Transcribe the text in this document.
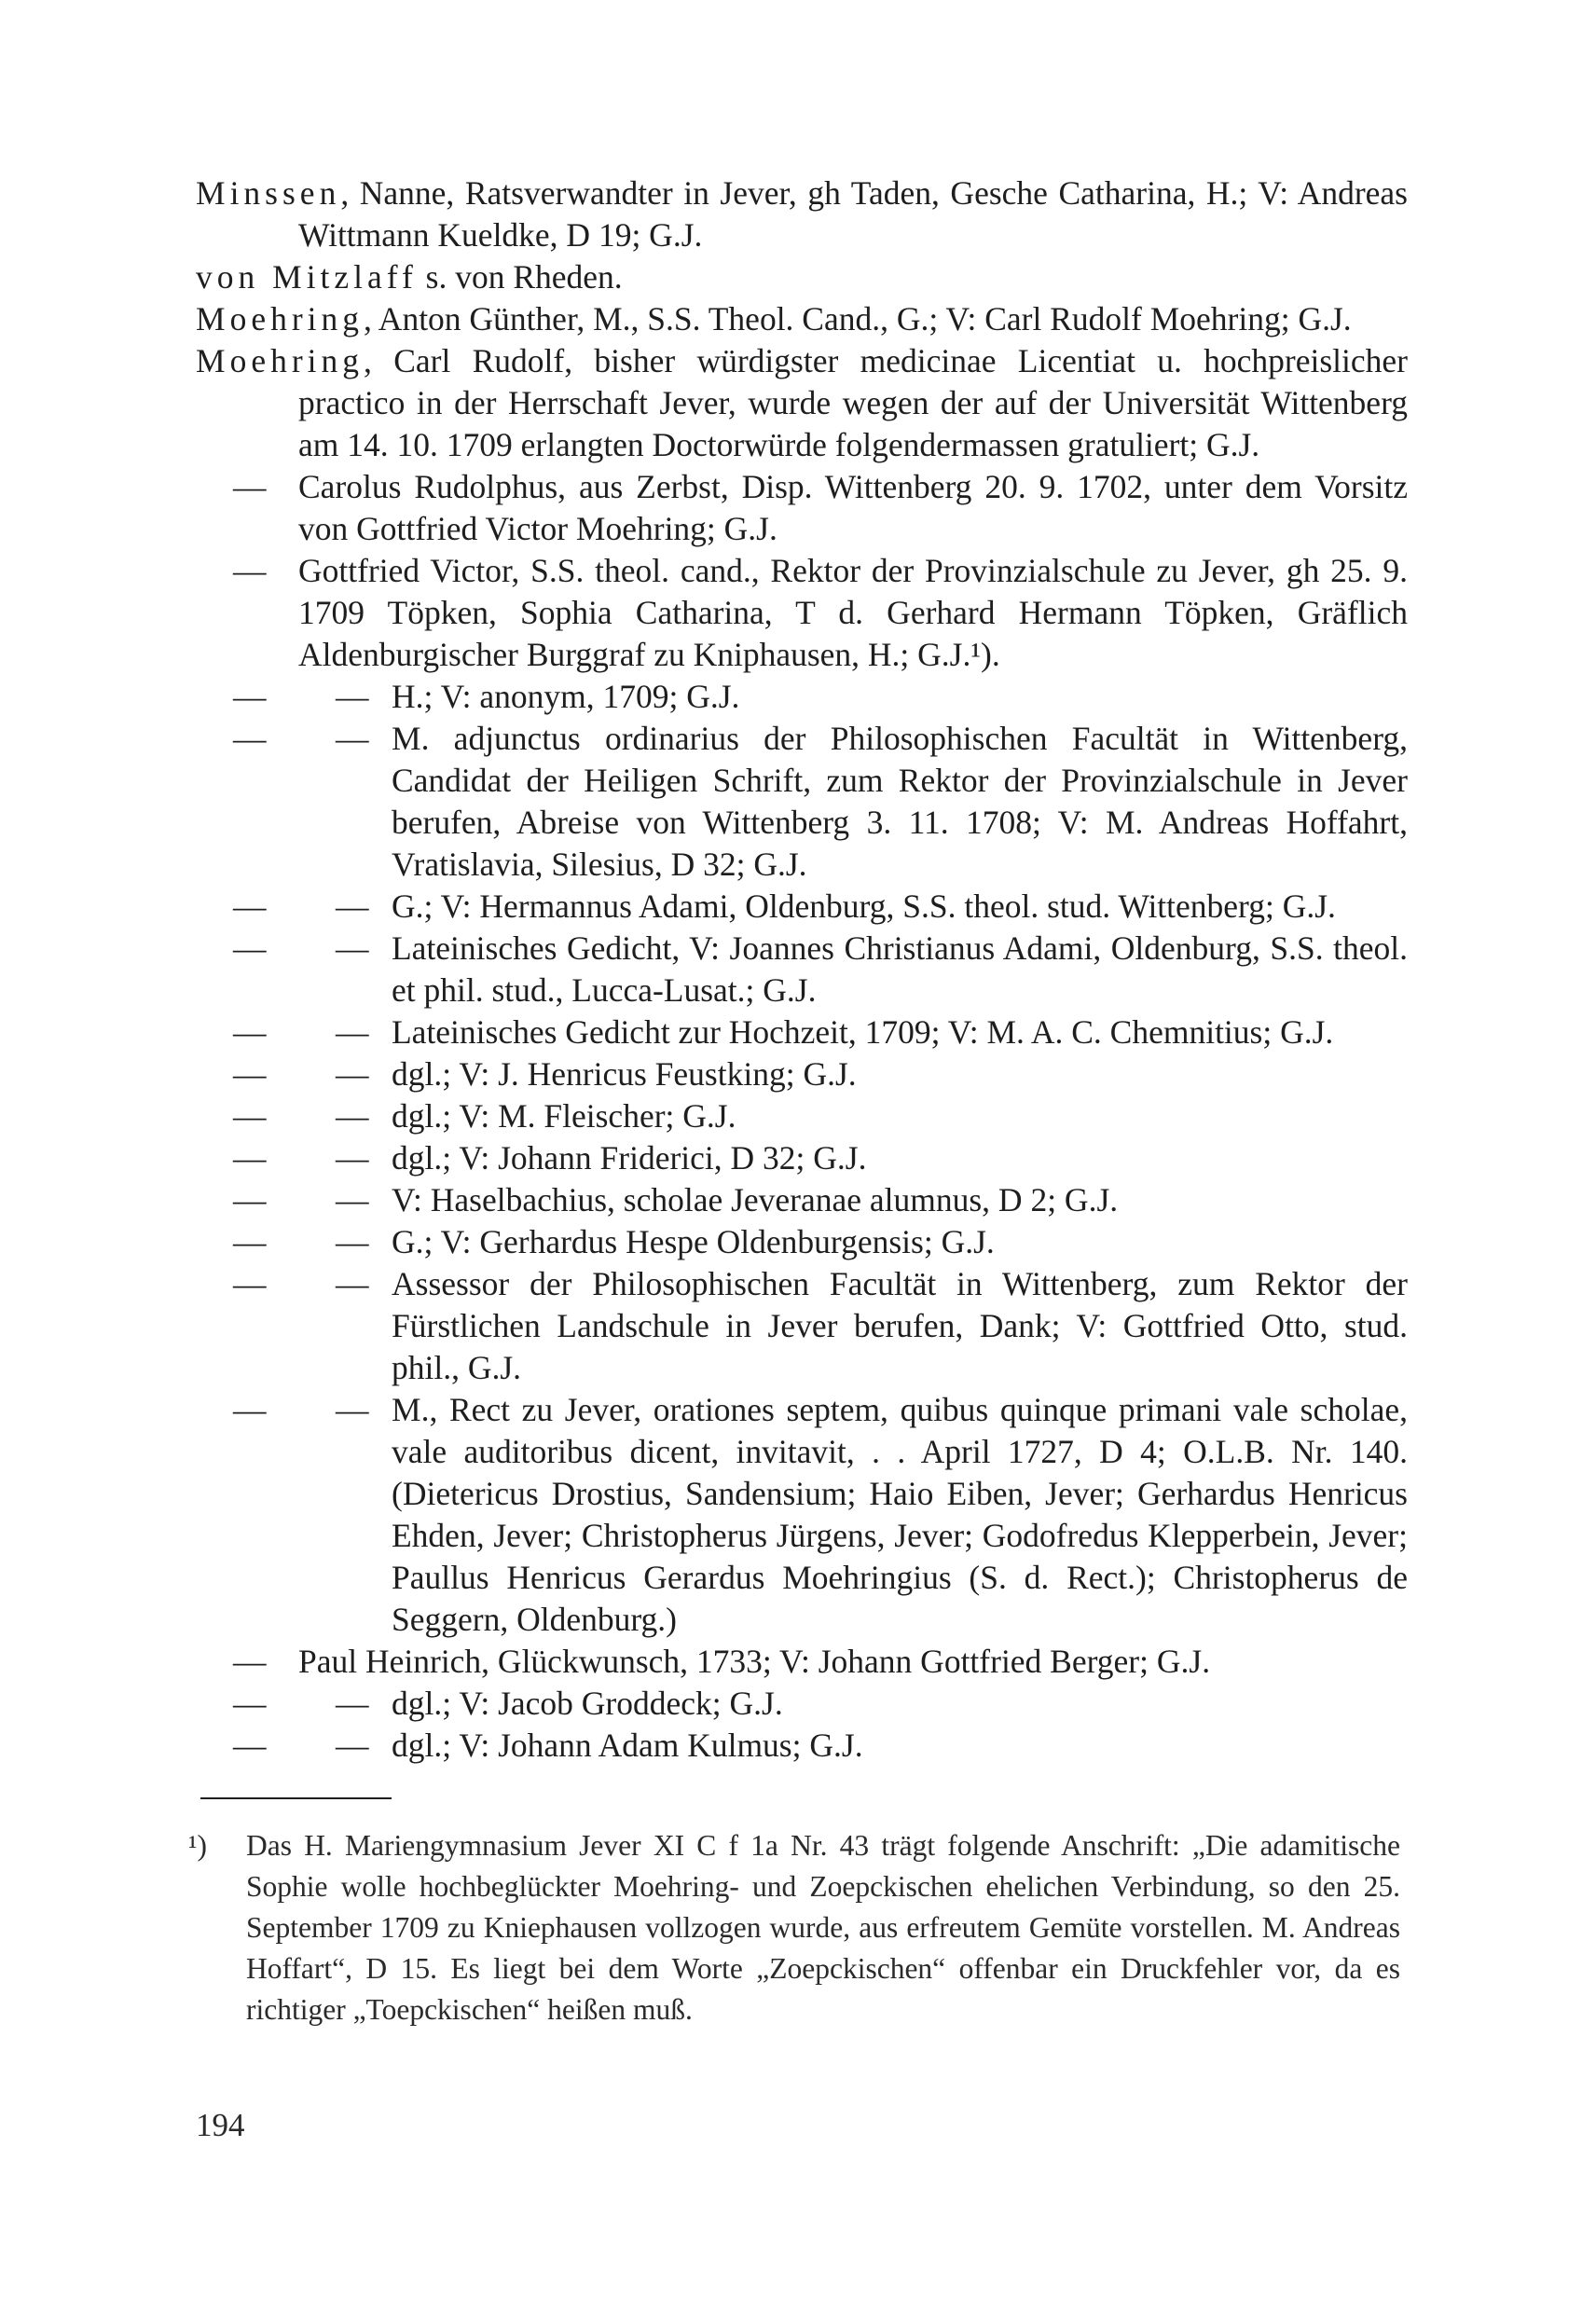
Minssen, Nanne, Ratsverwandter in Jever, gh Taden, Gesche Catharina, H.; V: Andreas Wittmann Kueldke, D 19; G.J.
von Mitzlaff s. von Rheden.
Moehring, Anton Günther, M., S.S. Theol. Cand., G.; V: Carl Rudolf Moehring; G.J.
Moehring, Carl Rudolf, bisher würdigster medicinae Licentiat u. hochpreislicher practico in der Herrschaft Jever, wurde wegen der auf der Universität Wittenberg am 14. 10. 1709 erlangten Doctorwürde folgendermassen gratuliert; G.J.
— Carolus Rudolphus, aus Zerbst, Disp. Wittenberg 20. 9. 1702, unter dem Vorsitz von Gottfried Victor Moehring; G.J.
— Gottfried Victor, S.S. theol. cand., Rektor der Provinzialschule zu Jever, gh 25. 9. 1709 Töpken, Sophia Catharina, T d. Gerhard Hermann Töpken, Gräflich Aldenburgischer Burggraf zu Kniphausen, H.; G.J.¹).
— — H.; V: anonym, 1709; G.J.
— — M. adjunctus ordinarius der Philosophischen Facultät in Wittenberg, Candidat der Heiligen Schrift, zum Rektor der Provinzialschule in Jever berufen, Abreise von Wittenberg 3. 11. 1708; V: M. Andreas Hoffahrt, Vratislavia, Silesius, D 32; G.J.
— — G.; V: Hermannus Adami, Oldenburg, S.S. theol. stud. Wittenberg; G.J.
— — Lateinisches Gedicht, V: Joannes Christianus Adami, Oldenburg, S.S. theol. et phil. stud., Lucca-Lusat.; G.J.
— — Lateinisches Gedicht zur Hochzeit, 1709; V: M. A. C. Chemnitius; G.J.
— — dgl.; V: J. Henricus Feustking; G.J.
— — dgl.; V: M. Fleischer; G.J.
— — dgl.; V: Johann Friderici, D 32; G.J.
— — V: Haselbachius, scholae Jeveranae alumnus, D 2; G.J.
— — G.; V: Gerhardus Hespe Oldenburgensis; G.J.
— — Assessor der Philosophischen Facultät in Wittenberg, zum Rektor der Fürstlichen Landschule in Jever berufen, Dank; V: Gottfried Otto, stud. phil., G.J.
— — M., Rect zu Jever, orationes septem, quibus quinque primani vale scholae, vale auditoribus dicent, invitavit, . . April 1727, D 4; O.L.B. Nr. 140. (Dietericus Drostius, Sandensium; Haio Eiben, Jever; Gerhardus Henricus Ehden, Jever; Christopherus Jürgens, Jever; Godofredus Klepperbein, Jever; Paullus Henricus Gerardus Moehringius (S. d. Rect.); Christopherus de Seggern, Oldenburg.)
— Paul Heinrich, Glückwunsch, 1733; V: Johann Gottfried Berger; G.J.
— — dgl.; V: Jacob Groddeck; G.J.
— — dgl.; V: Johann Adam Kulmus; G.J.
¹)	Das H. Mariengymnasium Jever XI C f 1a Nr. 43 trägt folgende Anschrift: „Die adamitische Sophie wolle hochbeglückter Moehring- und Zoepckischen ehelichen Verbindung, so den 25. September 1709 zu Kniephausen vollzogen wurde, aus erfreutem Gemüte vorstellen. M. Andreas Hoffart“, D 15. Es liegt bei dem Worte „Zoepckischen“ offenbar ein Druckfehler vor, da es richtiger „Toepckischen“ heißen muß.
194
